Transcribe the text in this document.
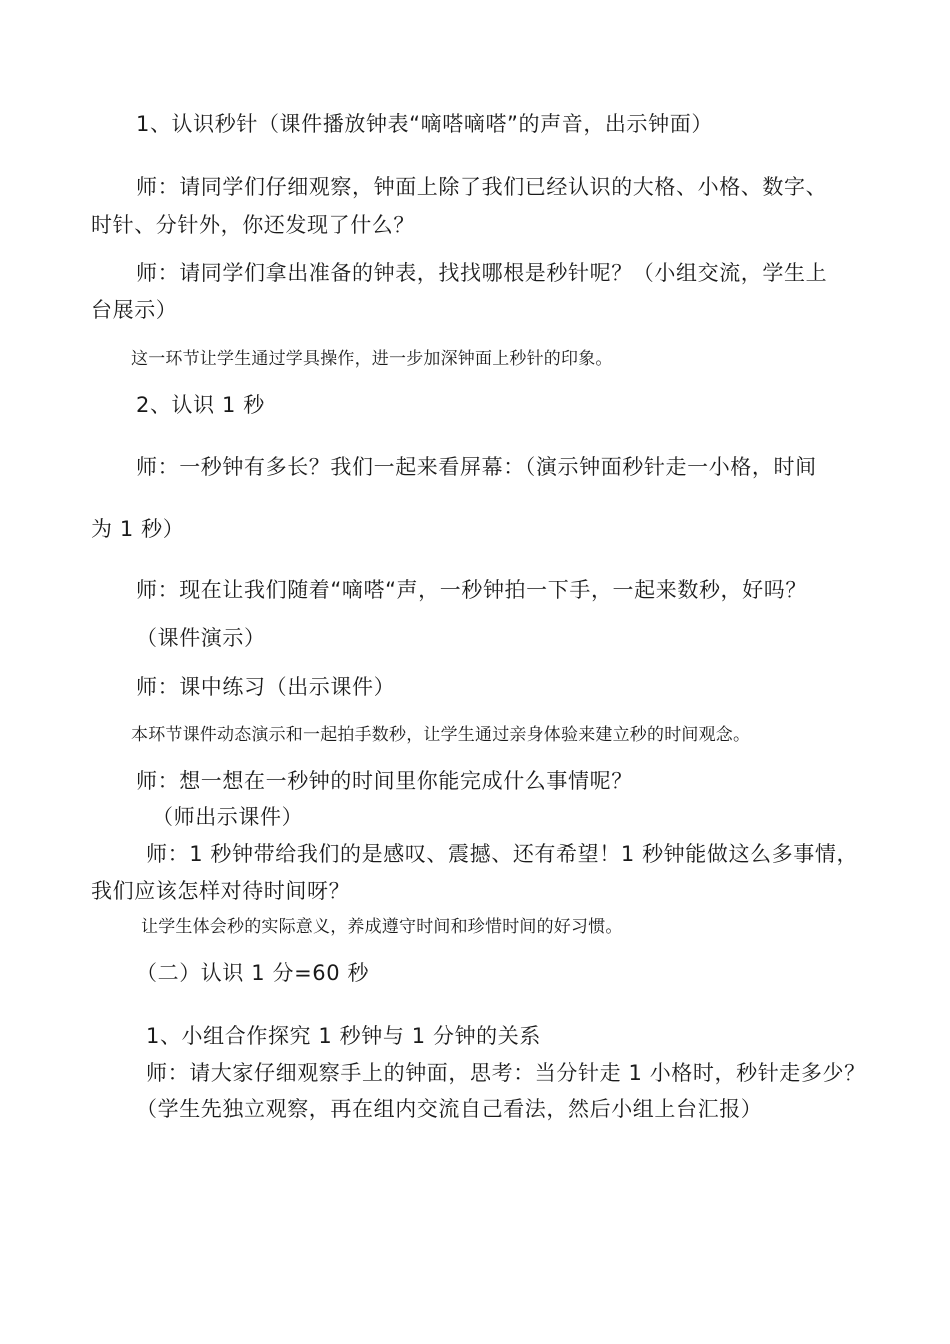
1、认识秒针（课件播放钟表“嘀嗒嘀嗒”的声音，出示钟面）

师：请同学们仔细观察，钟面上除了我们已经认识的大格、小格、数字、

时针、分针外，你还发现了什么？

师：请同学们拿出准备的钟表，找找哪根是秒针呢？（小组交流，学生上

台展示）

这一环节让学生通过学具操作，进一步加深钟面上秒针的印象。

2、认识 1 秒

师：一秒钟有多长？我们一起来看屏幕：（演示钟面秒针走一小格，时间

为 1 秒）

师：现在让我们随着“嘀嗒“声，一秒钟拍一下手，一起来数秒，好吗？

（课件演示）

师：课中练习（出示课件）

本环节课件动态演示和一起拍手数秒，让学生通过亲身体验来建立秒的时间观念。

师：想一想在一秒钟的时间里你能完成什么事情呢？

（师出示课件）

师：1 秒钟带给我们的是感叹、震撼、还有希望！1 秒钟能做这么多事情，

我们应该怎样对待时间呀？

让学生体会秒的实际意义，养成遵守时间和珍惜时间的好习惯。

（二）认识 1 分=60 秒

1、小组合作探究 1 秒钟与 1 分钟的关系

师：请大家仔细观察手上的钟面，思考：当分针走 1 小格时，秒针走多少？

（学生先独立观察，再在组内交流自己看法，然后小组上台汇报）
